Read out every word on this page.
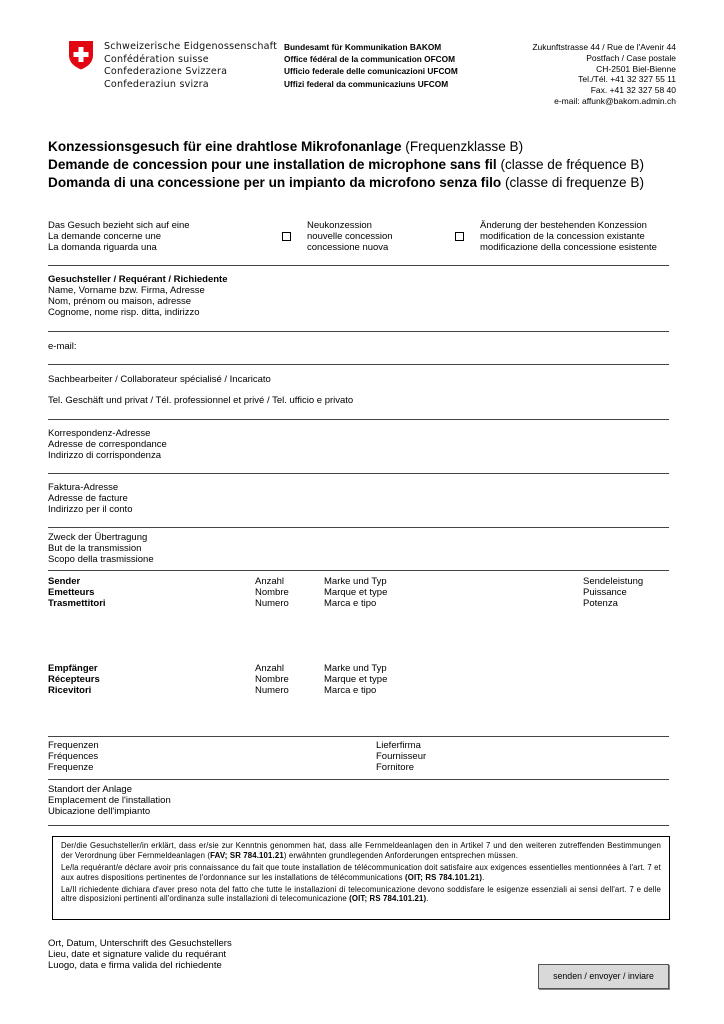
Schweizerische Eidgenossenschaft
Confédération suisse
Confederazione Svizzera
Confederaziun svizra
Bundesamt für Kommunikation BAKOM
Office fédéral de la communication OFCOM
Ufficio federale delle comunicazioni UFCOM
Uffizi federal da communicaziuns UFCOM
Zukunftstrasse 44 / Rue de l'Avenir 44
Postfach / Case postale
CH-2501 Biel-Bienne
Tel./Tél. +41 32 327 55 11
Fax. +41 32 327 58 40
e-mail: affunk@bakom.admin.ch
Konzessionsgesuch für eine drahtlose Mikrofonanlage (Frequenzklasse B)
Demande de concession pour une installation de microphone sans fil (classe de fréquence B)
Domanda di una concessione per un impianto da microfono senza filo (classe di frequenze B)
Das Gesuch bezieht sich auf eine
La demande concerne une
La domanda riguarda una
Neukonzession
nouvelle concession
concessione nuova
Änderung der bestehenden Konzession
modification de la concession existante
modificazione della concessione esistente
Gesuchsteller / Requérant / Richiedente
Name, Vorname bzw. Firma, Adresse
Nom, prénom ou maison, adresse
Cognome, nome risp. ditta, indirizzo
e-mail:
Sachbearbeiter / Collaborateur spécialisé / Incaricato
Tel. Geschäft und privat / Tél. professionnel et privé / Tel. ufficio e privato
Korrespondenz-Adresse
Adresse de correspondance
Indirizzo di corrispondenza
Faktura-Adresse
Adresse de facture
Indirizzo per il conto
Zweck der Übertragung
But de la transmission
Scopo della trasmissione
Sender
Emetteurs
Trasmettitori
Anzahl
Nombre
Numero
Marke und Typ
Marque et type
Marca e tipo
Sendeleistung
Puissance
Potenza
Empfänger
Récepteurs
Ricevitori
Anzahl
Nombre
Numero
Marke und Typ
Marque et type
Marca e tipo
Frequenzen
Fréquences
Frequenze
Lieferfirma
Fournisseur
Fornitore
Standort der Anlage
Emplacement de l'installation
Ubicazione dell'impianto

Der/die Gesuchsteller/in erklärt, dass er/sie zur Kenntnis genommen hat, dass alle Fernmeldeanlagen den in Artikel 7 und den weiteren zutreffenden Bestimmungen der Verordnung über Fernmeldeanlagen (FAV; SR 784.101.21) erwähnten grundlegenden Anforderungen entsprechen müssen.

Le/la requérant/e déclare avoir pris connaissance du fait que toute installation de télécommunication doit satisfaire aux exigences essentielles mentionnées à l'art. 7 et aux autres dispositions pertinentes de l'ordonnance sur les installations de télécommunications (OIT; RS 784.101.21).

La/Il richiedente dichiara d'aver preso nota del fatto che tutte le installazioni di telecomunicazione devono soddisfare le esigenze essenziali ai sensi dell'art. 7 e delle altre disposizioni pertinenti all'ordinanza sulle installazioni di telecomunicazione (OIT; RS 784.101.21).

Ort, Datum, Unterschrift des Gesuchstellers
Lieu, date et signature valide du requérant
Luogo, data e firma valida del richiedente
senden / envoyer / inviare
